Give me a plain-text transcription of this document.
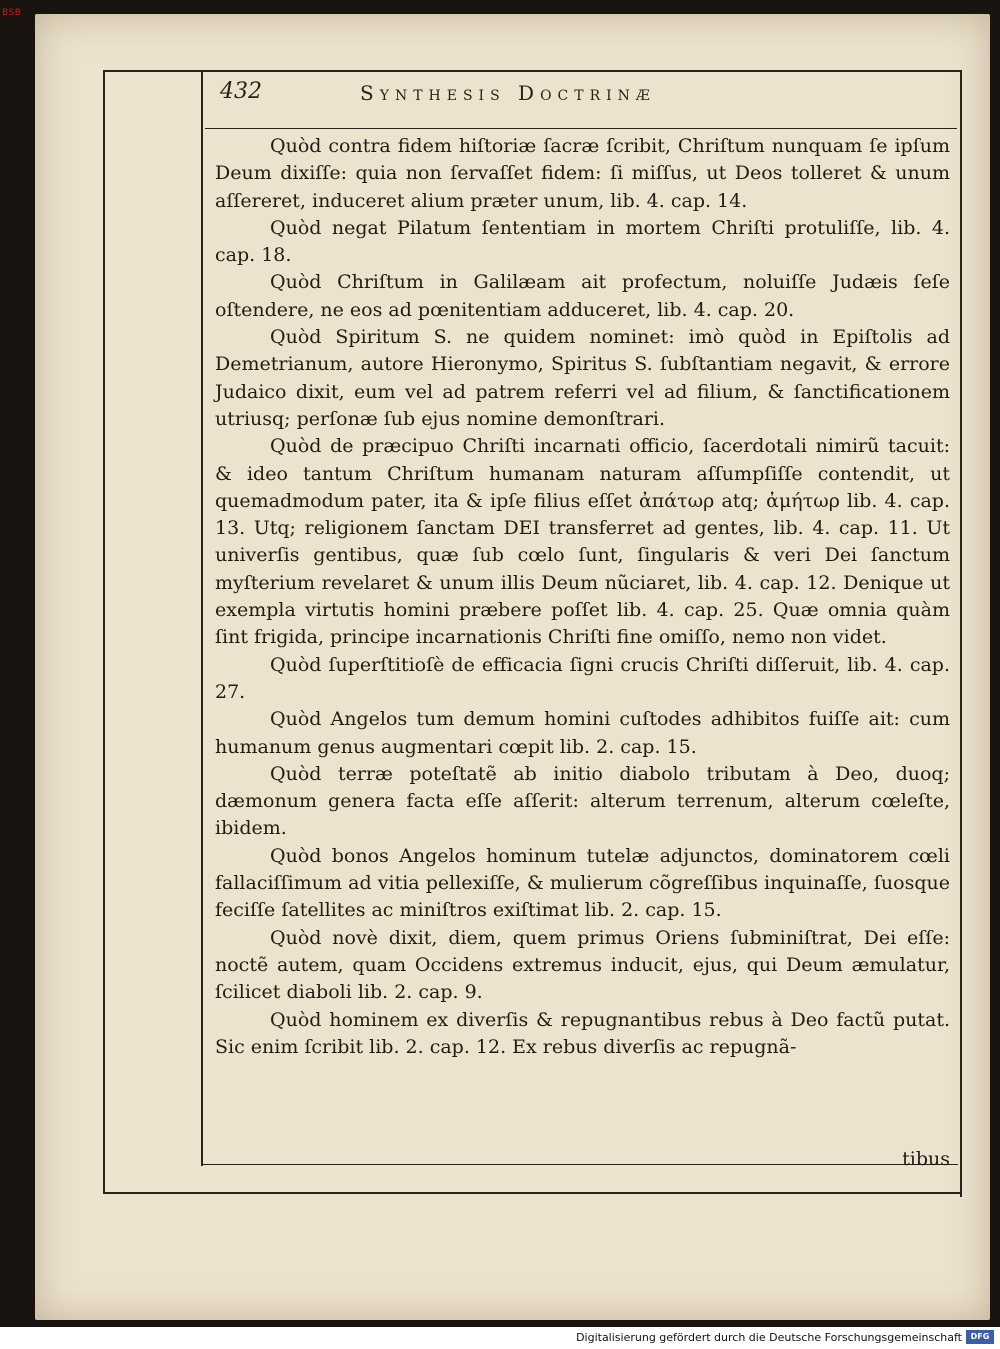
BSB
432	Synthesis Doctrinæ

Quòd contra fidem hiſtoriæ ſacræ ſcribit, Chriſtum nunquam ſe ipſum Deum dixiſſe: quia non ſervaſſet fidem: ſi miſſus, ut Deos tolleret & unum aſſereret, induceret alium præter unum, lib. 4. cap. 14.

Quòd negat Pilatum ſententiam in mortem Chriſti protuliſſe, lib. 4. cap. 18.

Quòd Chriſtum in Galilæam ait profectum, noluiſſe Judæis ſeſe oſtendere, ne eos ad pœnitentiam adduceret, lib. 4. cap. 20.

Quòd Spiritum S. ne quidem nominet: imò quòd in Epiſtolis ad Demetrianum, autore Hieronymo, Spiritus S. ſubſtantiam negavit, & errore Judaico dixit, eum vel ad patrem referri vel ad filium, & ſanctificationem utriusq; perſonæ ſub ejus nomine demonſtrari.

Quòd de præcipuo Chriſti incarnati officio, ſacerdotali nimirũ tacuit: & ideo tantum Chriſtum humanam naturam aſſumpſiſſe contendit, ut quemadmodum pater, ita & ipſe filius eſſet ἀπάτωρ atq; ἀμήτωρ lib. 4. cap. 13. Utq; religionem ſanctam DEI transferret ad gentes, lib. 4. cap. 11. Ut univerſis gentibus, quæ ſub cœlo ſunt, ſingularis & veri Dei ſanctum myſterium revelaret & unum illis Deum nũciaret, lib. 4. cap. 12. Denique ut exempla virtutis homini præbere poſſet lib. 4. cap. 25. Quæ omnia quàm ſint frigida, principe incarnationis Chriſti fine omiſſo, nemo non videt.

Quòd ſuperſtitioſè de efficacia ſigni crucis Chriſti diſſeruit, lib. 4. cap. 27.

Quòd Angelos tum demum homini cuſtodes adhibitos fuiſſe ait: cum humanum genus augmentari cœpit lib. 2. cap. 15.

Quòd terræ poteſtatẽ ab initio diabolo tributam à Deo, duoq; dæmonum genera facta eſſe aſſerit: alterum terrenum, alterum cœleſte, ibidem.

Quòd bonos Angelos hominum tutelæ adjunctos, dominatorem cœli fallaciſſimum ad vitia pellexiſſe, & mulierum cõgreſſibus inquinaſſe, ſuosque feciſſe ſatellites ac miniſtros exiſtimat lib. 2. cap. 15.

Quòd novè dixit, diem, quem primus Oriens ſubminiſtrat, Dei eſſe: noctẽ autem, quam Occidens extremus inducit, ejus, qui Deum æmulatur, ſcilicet diaboli lib. 2. cap. 9.

Quòd hominem ex diverſis & repugnantibus rebus à Deo factũ putat. Sic enim ſcribit lib. 2. cap. 12. Ex rebus diverſis ac repugnã-

tibus
Digitalisierung gefördert durch die Deutsche Forschungsgemeinschaft	DFG
